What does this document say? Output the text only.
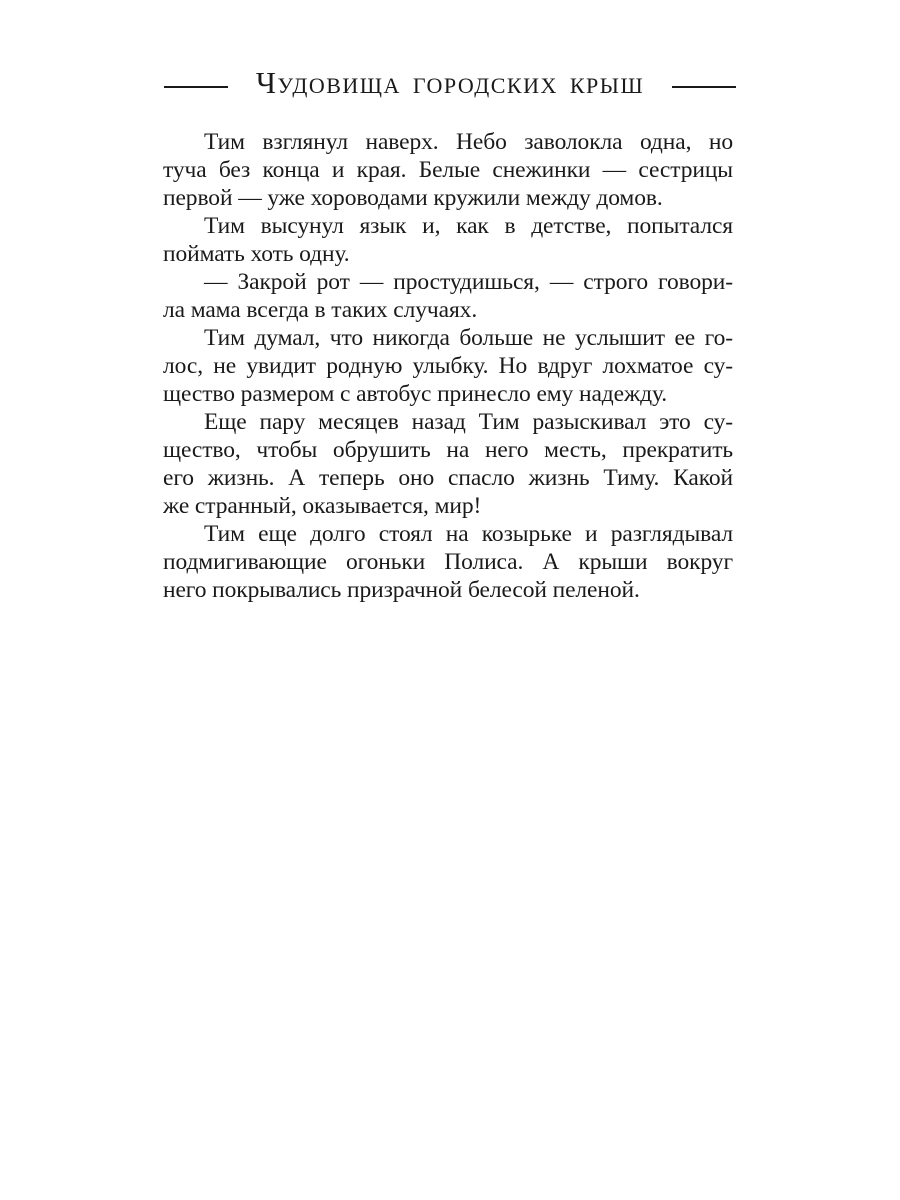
ЧУДОВИЩА ГОРОДСКИХ КРЫШ
Тим взглянул наверх. Небо заволокла одна, но
туча без конца и края. Белые снежинки — сестрицы
первой — уже хороводами кружили между домов.
Тим высунул язык и, как в детстве, попытался
поймать хоть одну.
— Закрой рот — простудишься, — строго говори-
ла мама всегда в таких случаях.
Тим думал, что никогда больше не услышит ее го-
лос, не увидит родную улыбку. Но вдруг лохматое су-
щество размером с автобус принесло ему надежду.
Еще пару месяцев назад Тим разыскивал это су-
щество, чтобы обрушить на него месть, прекратить
его жизнь. А теперь оно спасло жизнь Тиму. Какой
же странный, оказывается, мир!
Тим еще долго стоял на козырьке и разглядывал
подмигивающие огоньки Полиса. А крыши вокруг
него покрывались призрачной белесой пеленой.
